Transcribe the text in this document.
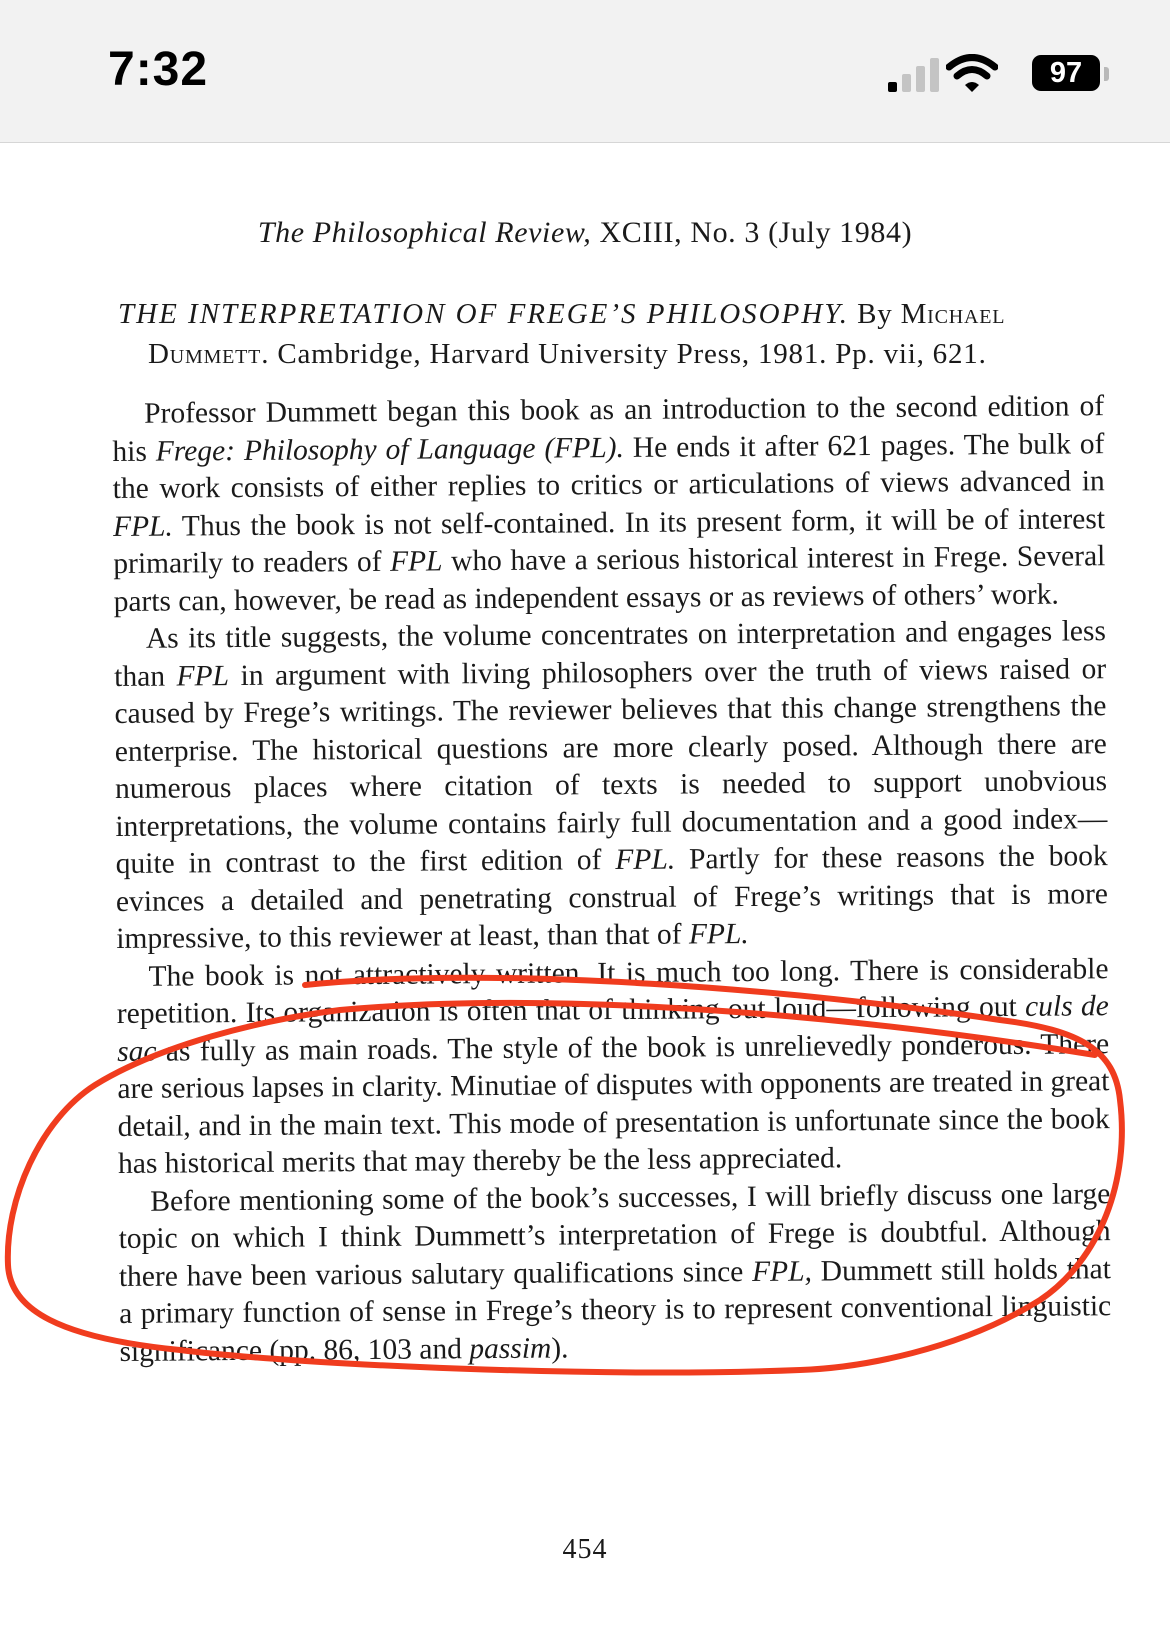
7:32	97
The Philosophical Review, XCIII, No. 3 (July 1984)
THE INTERPRETATION OF FREGE’S PHILOSOPHY. By Michael
Dummett. Cambridge, Harvard University Press, 1981. Pp. vii, 621.

Professor Dummett began this book as an introduction to the second edition of his Frege: Philosophy of Language (FPL). He ends it after 621 pages. The bulk of the work consists of either replies to critics or articulations of views advanced in FPL. Thus the book is not self-contained. In its present form, it will be of interest primarily to readers of FPL who have a serious historical interest in Frege. Several parts can, however, be read as independent essays or as reviews of others’ work.

As its title suggests, the volume concentrates on interpretation and engages less than FPL in argument with living philosophers over the truth of views raised or caused by Frege’s writings. The reviewer believes that this change strengthens the enterprise. The historical questions are more clearly posed. Although there are numerous places where citation of texts is needed to support unobvious interpretations, the volume contains fairly full documentation and a good index—quite in contrast to the first edition of FPL. Partly for these reasons the book evinces a detailed and penetrating construal of Frege’s writings that is more impressive, to this reviewer at least, than that of FPL.

The book is not attractively written. It is much too long. There is considerable repetition. Its organization is often that of thinking out loud—following out culs de sac as fully as main roads. The style of the book is unrelievedly ponderous. There are serious lapses in clarity. Minutiae of disputes with opponents are treated in great detail, and in the main text. This mode of presentation is unfortunate since the book has historical merits that may thereby be the less appreciated.

Before mentioning some of the book’s successes, I will briefly discuss one large topic on which I think Dummett’s interpretation of Frege is doubtful. Although there have been various salutary qualifications since FPL, Dummett still holds that a primary function of sense in Frege’s theory is to represent conventional linguistic significance (pp. 86, 103 and passim).

454
